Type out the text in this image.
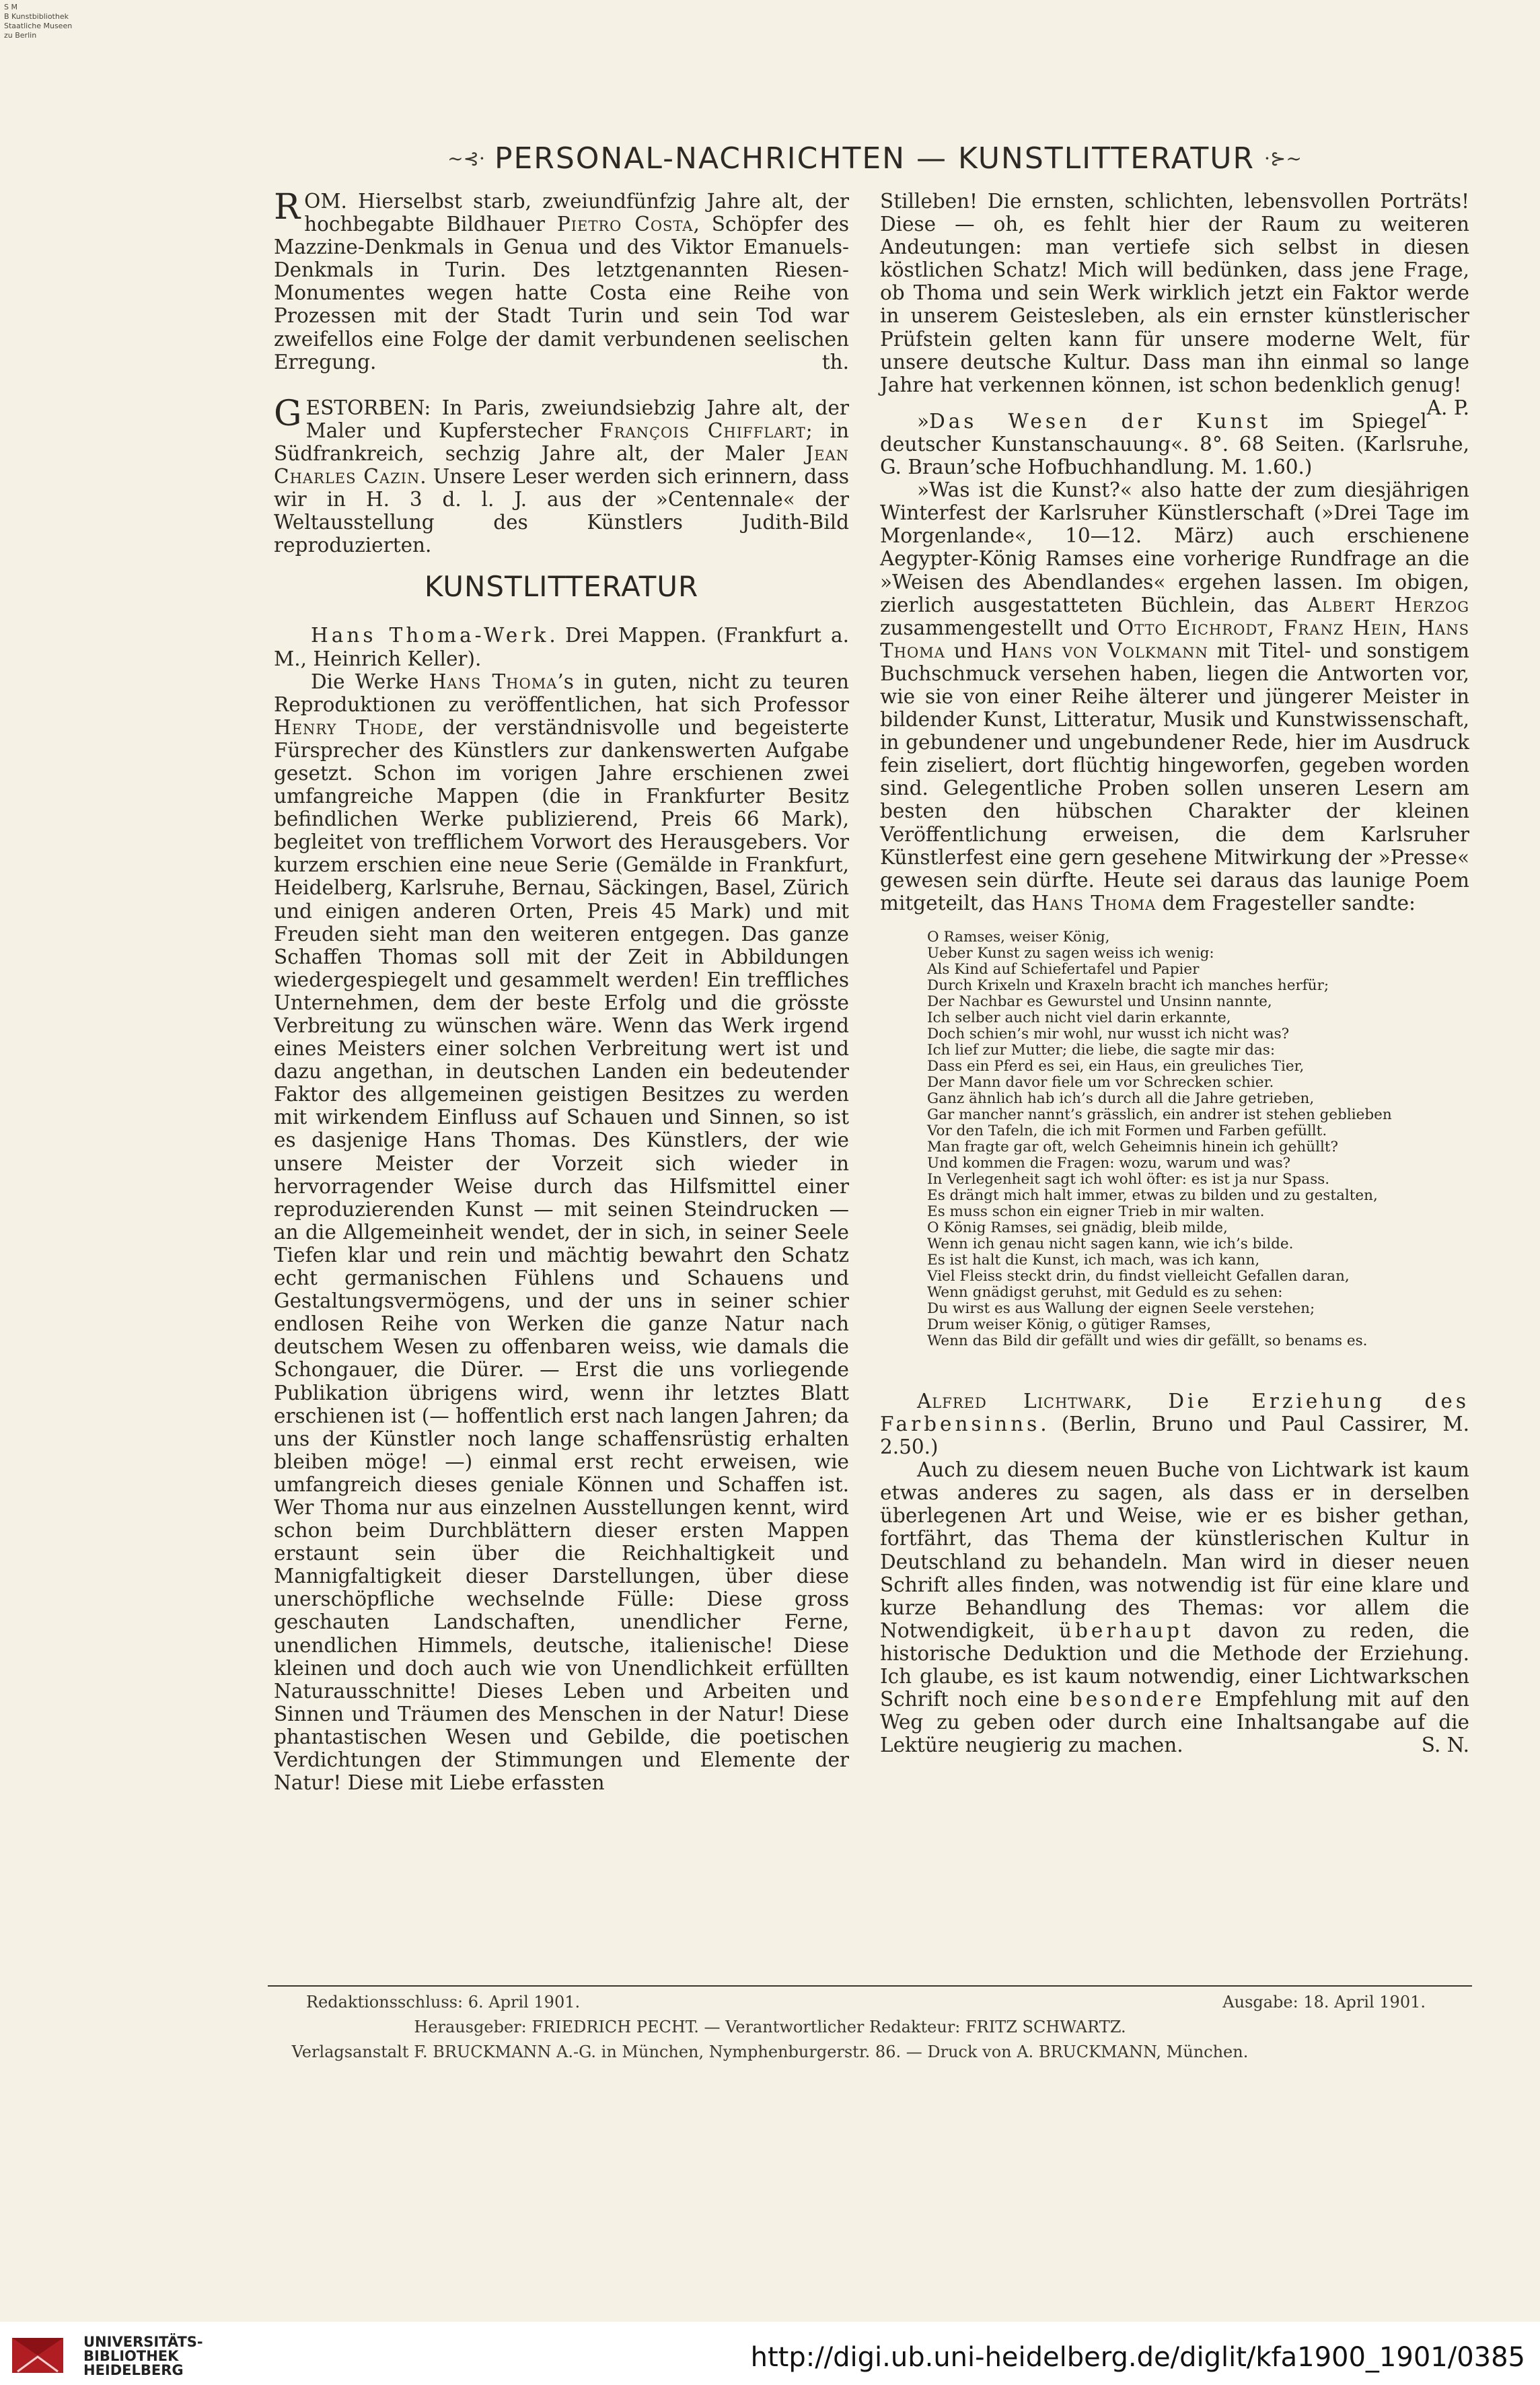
S M
B Kunstbibliothek
Staatliche Museen
zu Berlin
~⊰· PERSONAL-NACHRICHTEN — KUNSTLITTERATUR ·⊱~

ROM. Hierselbst starb, zweiundfünfzig Jahre alt, der hochbegabte Bildhauer Pietro Costa, Schöpfer des Mazzine-Denkmals in Genua und des Viktor Emanuels-Denkmals in Turin. Des letztgenannten Riesen-Monumentes wegen hatte Costa eine Reihe von Prozessen mit der Stadt Turin und sein Tod war zweifellos eine Folge der damit verbundenen seelischen Erregung.	th.

GESTORBEN: In Paris, zweiundsiebzig Jahre alt, der Maler und Kupferstecher François Chifflart; in Südfrankreich, sechzig Jahre alt, der Maler Jean Charles Cazin. Unsere Leser werden sich erinnern, dass wir in H. 3 d. l. J. aus der »Centennale« der Weltausstellung des Künstlers Judith-Bild reproduzierten.

KUNSTLITTERATUR

Hans Thoma-Werk. Drei Mappen. (Frankfurt a. M., Heinrich Keller).

Die Werke Hans Thoma’s in guten, nicht zu teuren Reproduktionen zu veröffentlichen, hat sich Professor Henry Thode, der verständnisvolle und begeisterte Fürsprecher des Künstlers zur dankenswerten Aufgabe gesetzt. Schon im vorigen Jahre erschienen zwei umfangreiche Mappen (die in Frankfurter Besitz befindlichen Werke publizierend, Preis 66 Mark), begleitet von trefflichem Vorwort des Herausgebers. Vor kurzem erschien eine neue Serie (Gemälde in Frankfurt, Heidelberg, Karlsruhe, Bernau, Säckingen, Basel, Zürich und einigen anderen Orten, Preis 45 Mark) und mit Freuden sieht man den weiteren entgegen. Das ganze Schaffen Thomas soll mit der Zeit in Abbildungen wiedergespiegelt und gesammelt werden! Ein treffliches Unternehmen, dem der beste Erfolg und die grösste Verbreitung zu wünschen wäre. Wenn das Werk irgend eines Meisters einer solchen Verbreitung wert ist und dazu angethan, in deutschen Landen ein bedeutender Faktor des allgemeinen geistigen Besitzes zu werden mit wirkendem Einfluss auf Schauen und Sinnen, so ist es dasjenige Hans Thomas. Des Künstlers, der wie unsere Meister der Vorzeit sich wieder in hervorragender Weise durch das Hilfsmittel einer reproduzierenden Kunst — mit seinen Steindrucken — an die Allgemeinheit wendet, der in sich, in seiner Seele Tiefen klar und rein und mächtig bewahrt den Schatz echt germanischen Fühlens und Schauens und Gestaltungsvermögens, und der uns in seiner schier endlosen Reihe von Werken die ganze Natur nach deutschem Wesen zu offenbaren weiss, wie damals die Schongauer, die Dürer. — Erst die uns vorliegende Publikation übrigens wird, wenn ihr letztes Blatt erschienen ist (— hoffentlich erst nach langen Jahren; da uns der Künstler noch lange schaffensrüstig erhalten bleiben möge! —) einmal erst recht erweisen, wie umfangreich dieses geniale Können und Schaffen ist. Wer Thoma nur aus einzelnen Ausstellungen kennt, wird schon beim Durchblättern dieser ersten Mappen erstaunt sein über die Reichhaltigkeit und Mannigfaltigkeit dieser Darstellungen, über diese unerschöpfliche wechselnde Fülle: Diese gross geschauten Landschaften, unendlicher Ferne, unendlichen Himmels, deutsche, italienische! Diese kleinen und doch auch wie von Unendlichkeit erfüllten Naturausschnitte! Dieses Leben und Arbeiten und Sinnen und Träumen des Menschen in der Natur! Diese phantastischen Wesen und Gebilde, die poetischen Verdichtungen der Stimmungen und Elemente der Natur! Diese mit Liebe erfassten

Stilleben! Die ernsten, schlichten, lebensvollen Porträts! Diese — oh, es fehlt hier der Raum zu weiteren Andeutungen: man vertiefe sich selbst in diesen köstlichen Schatz! Mich will bedünken, dass jene Frage, ob Thoma und sein Werk wirklich jetzt ein Faktor werde in unserem Geistesleben, als ein ernster künstlerischer Prüfstein gelten kann für unsere moderne Welt, für unsere deutsche Kultur. Dass man ihn einmal so lange Jahre hat verkennen können, ist schon bedenklich genug!
A. P.

»Das Wesen der Kunst im Spiegel deutscher Kunstanschauung«. 8°. 68 Seiten. (Karlsruhe, G. Braun’sche Hofbuchhandlung. M. 1.60.)

»Was ist die Kunst?« also hatte der zum diesjährigen Winterfest der Karlsruher Künstlerschaft (»Drei Tage im Morgenlande«, 10—12. März) auch erschienene Aegypter-König Ramses eine vorherige Rundfrage an die »Weisen des Abendlandes« ergehen lassen. Im obigen, zierlich ausgestatteten Büchlein, das Albert Herzog zusammengestellt und Otto Eichrodt, Franz Hein, Hans Thoma und Hans von Volkmann mit Titel- und sonstigem Buchschmuck versehen haben, liegen die Antworten vor, wie sie von einer Reihe älterer und jüngerer Meister in bildender Kunst, Litteratur, Musik und Kunstwissenschaft, in gebundener und ungebundener Rede, hier im Ausdruck fein ziseliert, dort flüchtig hingeworfen, gegeben worden sind. Gelegentliche Proben sollen unseren Lesern am besten den hübschen Charakter der kleinen Veröffentlichung erweisen, die dem Karlsruher Künstlerfest eine gern gesehene Mitwirkung der »Presse« gewesen sein dürfte. Heute sei daraus das launige Poem mitgeteilt, das Hans Thoma dem Fragesteller sandte:

O Ramses, weiser König,
Ueber Kunst zu sagen weiss ich wenig:
Als Kind auf Schiefertafel und Papier
Durch Krixeln und Kraxeln bracht ich manches herfür;
Der Nachbar es Gewurstel und Unsinn nannte,
Ich selber auch nicht viel darin erkannte,
Doch schien’s mir wohl, nur wusst ich nicht was?
Ich lief zur Mutter; die liebe, die sagte mir das:
Dass ein Pferd es sei, ein Haus, ein greuliches Tier,
Der Mann davor fiele um vor Schrecken schier.
Ganz ähnlich hab ich’s durch all die Jahre getrieben,
Gar mancher nannt’s grässlich, ein andrer ist stehen geblieben
Vor den Tafeln, die ich mit Formen und Farben gefüllt.
Man fragte gar oft, welch Geheimnis hinein ich gehüllt?
Und kommen die Fragen: wozu, warum und was?
In Verlegenheit sagt ich wohl öfter: es ist ja nur Spass.
Es drängt mich halt immer, etwas zu bilden und zu gestalten,
Es muss schon ein eigner Trieb in mir walten.
O König Ramses, sei gnädig, bleib milde,
Wenn ich genau nicht sagen kann, wie ich’s bilde.
Es ist halt die Kunst, ich mach, was ich kann,
Viel Fleiss steckt drin, du findst vielleicht Gefallen daran,
Wenn gnädigst geruhst, mit Geduld es zu sehen:
Du wirst es aus Wallung der eignen Seele verstehen;
Drum weiser König, o gütiger Ramses,
Wenn das Bild dir gefällt und wies dir gefällt, so benams es.

Alfred Lichtwark, Die Erziehung des Farbensinns. (Berlin, Bruno und Paul Cassirer, M. 2.50.)

Auch zu diesem neuen Buche von Lichtwark ist kaum etwas anderes zu sagen, als dass er in derselben überlegenen Art und Weise, wie er es bisher gethan, fortfährt, das Thema der künstlerischen Kultur in Deutschland zu behandeln. Man wird in dieser neuen Schrift alles finden, was notwendig ist für eine klare und kurze Behandlung des Themas: vor allem die Notwendigkeit, überhaupt davon zu reden, die historische Deduktion und die Methode der Erziehung. Ich glaube, es ist kaum notwendig, einer Lichtwarkschen Schrift noch eine besondere Empfehlung mit auf den Weg zu geben oder durch eine Inhaltsangabe auf die Lektüre neugierig zu machen.	S. N.

Redaktionsschluss: 6. April 1901.	Ausgabe: 18. April 1901.
Herausgeber: FRIEDRICH PECHT. — Verantwortlicher Redakteur: FRITZ SCHWARTZ.
Verlagsanstalt F. BRUCKMANN A.-G. in München, Nymphenburgerstr. 86. — Druck von A. BRUCKMANN, München.
UNIVERSITÄTS-
BIBLIOTHEK
HEIDELBERG	http://digi.ub.uni-heidelberg.de/diglit/kfa1900_1901/0385
